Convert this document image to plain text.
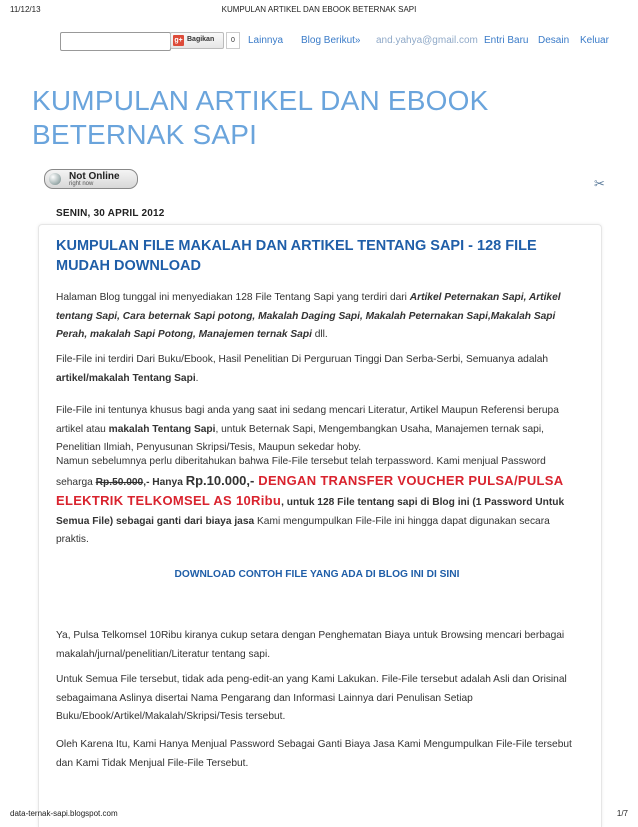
11/12/13	KUMPULAN ARTIKEL DAN EBOOK BETERNAK SAPI
g+ Bagikan	0	Lainnya Blog Berikut» and.yahya@gmail.com Entri Baru Desain Keluar
KUMPULAN ARTIKEL DAN EBOOK BETERNAK SAPI
Not Online
right now	✂
SENIN, 30 APRIL 2012
KUMPULAN FILE MAKALAH DAN ARTIKEL TENTANG SAPI - 128 FILE MUDAH DOWNLOAD
Halaman Blog tunggal ini menyediakan 128 File Tentang Sapi yang terdiri dari Artikel Peternakan Sapi, Artikel tentang Sapi, Cara beternak Sapi potong, Makalah Daging Sapi, Makalah Peternakan Sapi,Makalah Sapi Perah, makalah Sapi Potong, Manajemen ternak Sapi dll.
File-File ini terdiri Dari Buku/Ebook, Hasil Penelitian Di Perguruan Tinggi Dan Serba-Serbi, Semuanya adalah artikel/makalah Tentang Sapi.
File-File ini tentunya khusus bagi anda yang saat ini sedang mencari Literatur, Artikel Maupun Referensi berupa artikel atau makalah Tentang Sapi, untuk Beternak Sapi, Mengembangkan Usaha, Manajemen ternak sapi, Penelitian Ilmiah, Penyusunan Skripsi/Tesis, Maupun sekedar hoby.
Namun sebelumnya perlu diberitahukan bahwa File-File tersebut telah terpassword. Kami menjual Password seharga Rp.50.000,- Hanya Rp.10.000,- DENGAN TRANSFER VOUCHER PULSA/PULSA ELEKTRIK TELKOMSEL AS 10Ribu, untuk 128 File tentang sapi di Blog ini (1 Password Untuk Semua File) sebagai ganti dari biaya jasa Kami mengumpulkan File-File ini hingga dapat digunakan secara praktis.
DOWNLOAD CONTOH FILE YANG ADA DI BLOG INI DI SINI
Ya, Pulsa Telkomsel 10Ribu kiranya cukup setara dengan Penghematan Biaya untuk Browsing mencari berbagai makalah/jurnal/penelitian/Literatur tentang sapi.
Untuk Semua File tersebut, tidak ada peng-edit-an yang Kami Lakukan. File-File tersebut adalah Asli dan Orisinal sebagaimana Aslinya disertai Nama Pengarang dan Informasi Lainnya dari Penulisan Setiap Buku/Ebook/Artikel/Makalah/Skripsi/Tesis tersebut.
Oleh Karena Itu, Kami Hanya Menjual Password Sebagai Ganti Biaya Jasa Kami Mengumpulkan File-File tersebut dan Kami Tidak Menjual File-File Tersebut.
data-ternak-sapi.blogspot.com	1/7
